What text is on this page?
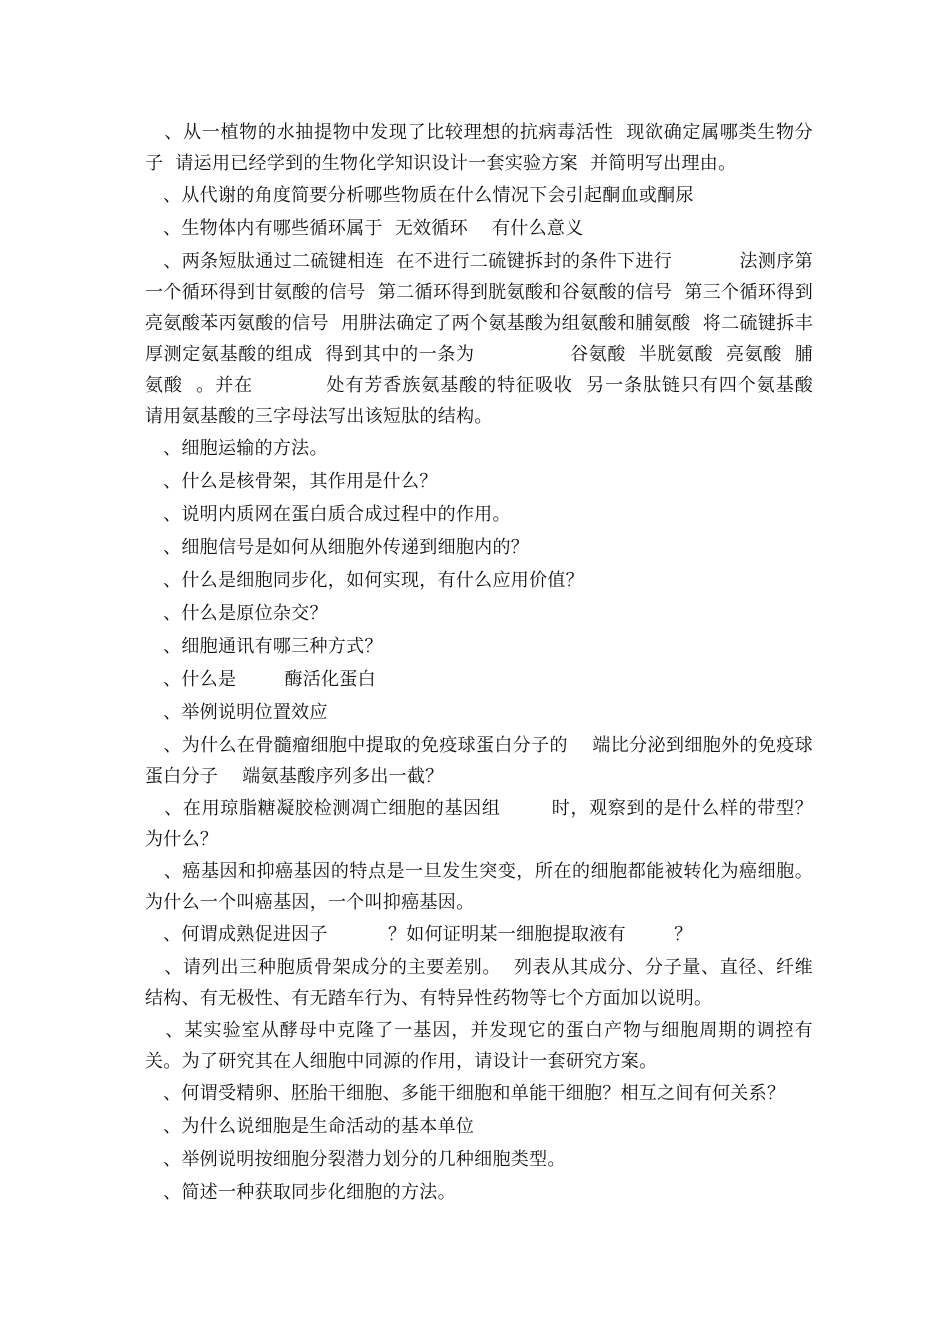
、从一植物的水抽提物中发现了比较理想的抗病毒活性  现欲确定属哪类生物分子  请运用已经学到的生物化学知识设计一套实验方案  并简明写出理由。

、从代谢的角度简要分析哪些物质在什么情况下会引起酮血或酮尿

、生物体内有哪些循环属于  无效循环    有什么意义

、两条短肽通过二硫键相连  在不进行二硫键拆封的条件下进行           法测序第一个循环得到甘氨酸的信号  第二循环得到胱氨酸和谷氨酸的信号  第三个循环得到亮氨酸苯丙氨酸的信号  用肼法确定了两个氨基酸为组氨酸和脯氨酸  将二硫键拆丰厚测定氨基酸的组成  得到其中的一条为               谷氨酸  半胱氨酸  亮氨酸  脯氨酸  。并在           处有芳香族氨基酸的特征吸收  另一条肽链只有四个氨基酸  请用氨基酸的三字母法写出该短肽的结构。

、细胞运输的方法。

、什么是核骨架，其作用是什么？

、说明内质网在蛋白质合成过程中的作用。

、细胞信号是如何从细胞外传递到细胞内的？

、什么是细胞同步化，如何实现，有什么应用价值？

、什么是原位杂交？

、细胞通讯有哪三种方式？

、什么是        酶活化蛋白

、举例说明位置效应

、为什么在骨髓瘤细胞中提取的免疫球蛋白分子的    端比分泌到细胞外的免疫球蛋白分子    端氨基酸序列多出一截？

、在用琼脂糖凝胶检测凋亡细胞的基因组        时，观察到的是什么样的带型？为什么？

、癌基因和抑癌基因的特点是一旦发生突变，所在的细胞都能被转化为癌细胞。为什么一个叫癌基因，一个叫抑癌基因。

、何谓成熟促进因子          ？如何证明某一细胞提取液有        ？

、请列出三种胞质骨架成分的主要差别。  列表从其成分、分子量、直径、纤维结构、有无极性、有无踏车行为、有特异性药物等七个方面加以说明。

、某实验室从酵母中克隆了一基因，并发现它的蛋白产物与细胞周期的调控有关。为了研究其在人细胞中同源的作用，请设计一套研究方案。

、何谓受精卵、胚胎干细胞、多能干细胞和单能干细胞？相互之间有何关系？

、为什么说细胞是生命活动的基本单位

、举例说明按细胞分裂潜力划分的几种细胞类型。

、简述一种获取同步化细胞的方法。
